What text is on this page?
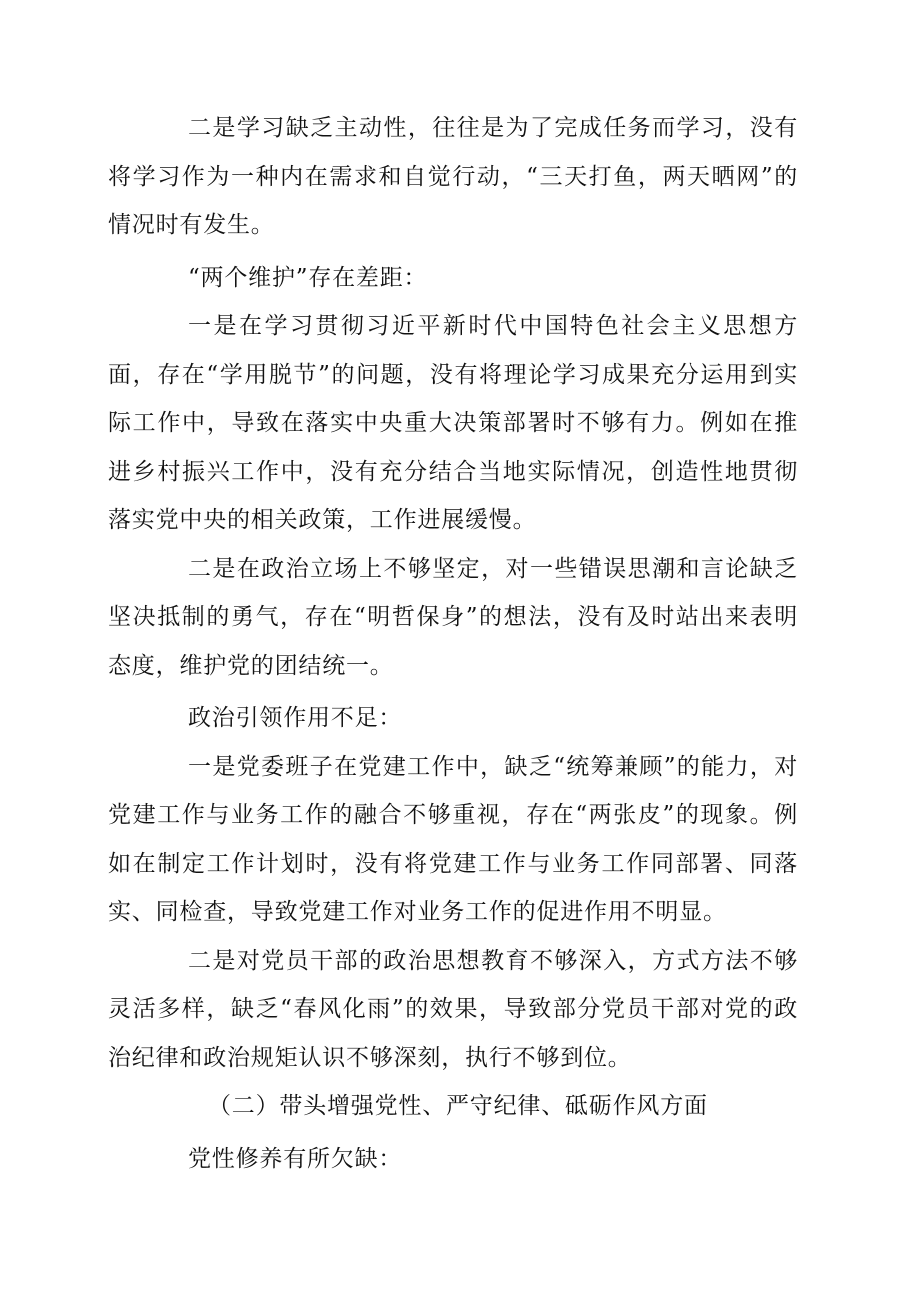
二是学习缺乏主动性，往往是为了完成任务而学习，没有将学习作为一种内在需求和自觉行动，“三天打鱼，两天晒网”的情况时有发生。

“两个维护”存在差距：

一是在学习贯彻习近平新时代中国特色社会主义思想方面，存在“学用脱节”的问题，没有将理论学习成果充分运用到实际工作中，导致在落实中央重大决策部署时不够有力。例如在推进乡村振兴工作中，没有充分结合当地实际情况，创造性地贯彻落实党中央的相关政策，工作进展缓慢。

二是在政治立场上不够坚定，对一些错误思潮和言论缺乏坚决抵制的勇气，存在“明哲保身”的想法，没有及时站出来表明态度，维护党的团结统一。

政治引领作用不足：

一是党委班子在党建工作中，缺乏“统筹兼顾”的能力，对党建工作与业务工作的融合不够重视，存在“两张皮”的现象。例如在制定工作计划时，没有将党建工作与业务工作同部署、同落实、同检查，导致党建工作对业务工作的促进作用不明显。

二是对党员干部的政治思想教育不够深入，方式方法不够灵活多样，缺乏“春风化雨”的效果，导致部分党员干部对党的政治纪律和政治规矩认识不够深刻，执行不够到位。

（二）带头增强党性、严守纪律、砥砺作风方面

党性修养有所欠缺：
